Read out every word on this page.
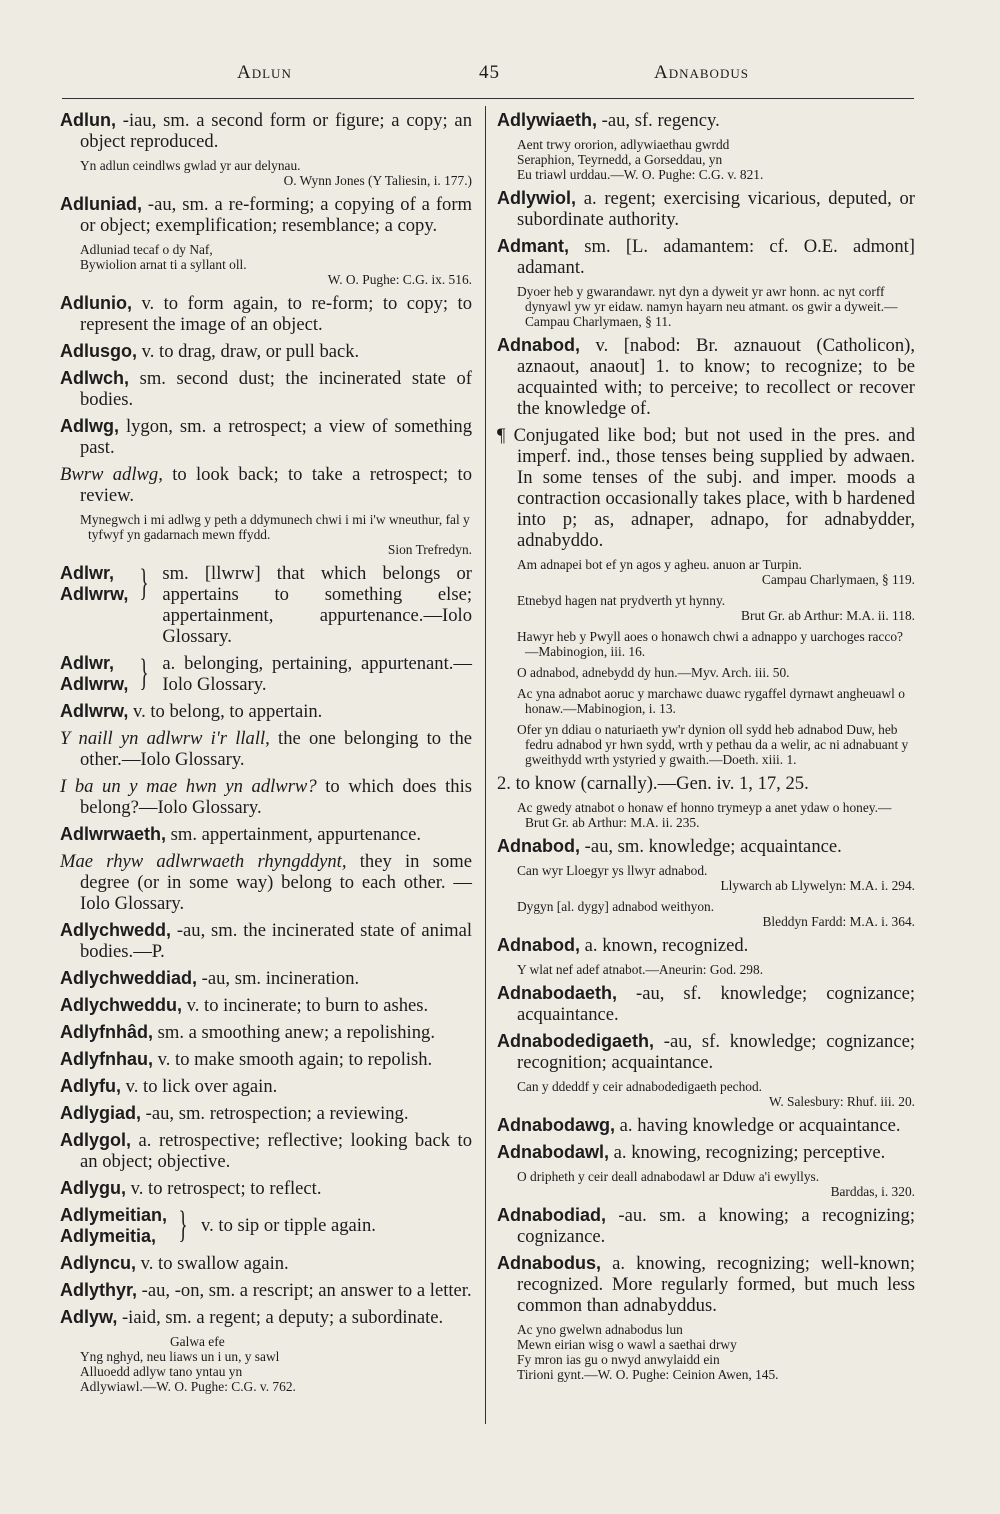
Adlun	45	Adnabodus

Adlun, -iau, sm. a second form or figure; a copy; an object reproduced.

Yn adlun ceindlws gwlad yr aur delynau.
O. Wynn Jones (Y Taliesin, i. 177.)

Adluniad, -au, sm. a re-forming; a copying of a form or object; exemplification; resemblance; a copy.

Adluniad tecaf o dy Naf,
Bywiolion arnat ti a syllant oll.
W. O. Pughe: C.G. ix. 516.

Adlunio, v. to form again, to re-form; to copy; to represent the image of an object.

Adlusgo, v. to drag, draw, or pull back.

Adlwch, sm. second dust; the incinerated state of bodies.

Adlwg, lygon, sm. a retrospect; a view of something past.

Bwrw adlwg, to look back; to take a retrospect; to review.

Mynegwch i mi adlwg y peth a ddymunech chwi i mi i'w wneuthur, fal y tyfwyf yn gadarnach mewn ffydd.
Sion Trefredyn.
Adlwr,
Adlwrw, } sm. [llwrw] that which belongs or appertains to something else; appertainment, appurtenance.—Iolo Glossary.
Adlwr,
Adlwrw, } a. belonging, pertaining, appurtenant.—Iolo Glossary.

Adlwrw, v. to belong, to appertain.

Y naill yn adlwrw i'r llall, the one belonging to the other.—Iolo Glossary.

I ba un y mae hwn yn adlwrw? to which does this belong?—Iolo Glossary.

Adlwrwaeth, sm. appertainment, appurtenance.

Mae rhyw adlwrwaeth rhyngddynt, they in some degree (or in some way) belong to each other. —Iolo Glossary.

Adlychwedd, -au, sm. the incinerated state of animal bodies.—P.

Adlychweddiad, -au, sm. incineration.

Adlychweddu, v. to incinerate; to burn to ashes.

Adlyfnhâd, sm. a smoothing anew; a repolishing.

Adlyfnhau, v. to make smooth again; to repolish.

Adlyfu, v. to lick over again.

Adlygiad, -au, sm. retrospection; a reviewing.

Adlygol, a. retrospective; reflective; looking back to an object; objective.

Adlygu, v. to retrospect; to reflect.

Adlymeitian,
Adlymeitia, } v. to sip or tipple again.

Adlyncu, v. to swallow again.

Adlythyr, -au, -on, sm. a rescript; an answer to a letter.

Adlyw, -iaid, sm. a regent; a deputy; a subordinate.

Galwa efe
Yng nghyd, neu liaws un i un, y sawl
Alluoedd adlyw tano yntau yn
Adlywiawl.—W. O. Pughe: C.G. v. 762.

Adlywiaeth, -au, sf. regency.

Aent trwy ororion, adlywiaethau gwrdd
Seraphion, Teyrnedd, a Gorseddau, yn
Eu triawl urddau.—W. O. Pughe: C.G. v. 821.

Adlywiol, a. regent; exercising vicarious, deputed, or subordinate authority.

Admant, sm. [L. adamantem: cf. O.E. admont] adamant.

Dyoer heb y gwarandawr. nyt dyn a dyweit yr awr honn. ac nyt corff dynyawl yw yr eidaw. namyn hayarn neu atmant. os gwir a dyweit.—Campau Charlymaen, § 11.

Adnabod, v. [nabod: Br. aznauout (Catholicon), aznaout, anaout] 1. to know; to recognize; to be acquainted with; to perceive; to recollect or recover the knowledge of.

¶ Conjugated like bod; but not used in the pres. and imperf. ind., those tenses being supplied by adwaen. In some tenses of the subj. and imper. moods a contraction occasionally takes place, with b hardened into p; as, adnaper, adnapo, for adnabydder, adnabyddo.

Am adnapei bot ef yn agos y agheu. anuon ar Turpin.
Campau Charlymaen, § 119.
Etnebyd hagen nat prydverth yt hynny.
Brut Gr. ab Arthur: M.A. ii. 118.
Hawyr heb y Pwyll aoes o honawch chwi a adnappo y uarchoges racco?—Mabinogion, iii. 16.
O adnabod, adnebydd dy hun.—Myv. Arch. iii. 50.
Ac yna adnabot aoruc y marchawc duawc rygaffel dyrnawt angheuawl o honaw.—Mabinogion, i. 13.
Ofer yn ddiau o naturiaeth yw'r dynion oll sydd heb adnabod Duw, heb fedru adnabod yr hwn sydd, wrth y pethau da a welir, ac ni adnabuant y gweithydd wrth ystyried y gwaith.—Doeth. xiii. 1.

2. to know (carnally).—Gen. iv. 1, 17, 25.

Ac gwedy atnabot o honaw ef honno trymeyp a anet ydaw o honey.—Brut Gr. ab Arthur: M.A. ii. 235.

Adnabod, -au, sm. knowledge; acquaintance.

Can wyr Lloegyr ys llwyr adnabod.
Llywarch ab Llywelyn: M.A. i. 294.
Dygyn [al. dygy] adnabod weithyon.
Bleddyn Fardd: M.A. i. 364.

Adnabod, a. known, recognized.

Y wlat nef adef atnabot.—Aneurin: God. 298.

Adnabodaeth, -au, sf. knowledge; cognizance; acquaintance.

Adnabodedigaeth, -au, sf. knowledge; cognizance; recognition; acquaintance.

Can y ddeddf y ceir adnabodedigaeth pechod.
W. Salesbury: Rhuf. iii. 20.

Adnabodawg, a. having knowledge or acquaintance.

Adnabodawl, a. knowing, recognizing; perceptive.

O dripheth y ceir deall adnabodawl ar Dduw a'i ewyllys.
Barddas, i. 320.

Adnabodiad, -au. sm. a knowing; a recognizing; cognizance.

Adnabodus, a. knowing, recognizing; well-known; recognized. More regularly formed, but much less common than adnabyddus.

Ac yno gwelwn adnabodus lun
Mewn eirian wisg o wawl a saethai drwy
Fy mron ias gu o nwyd anwylaidd ein
Tirioni gynt.—W. O. Pughe: Ceinion Awen, 145.
